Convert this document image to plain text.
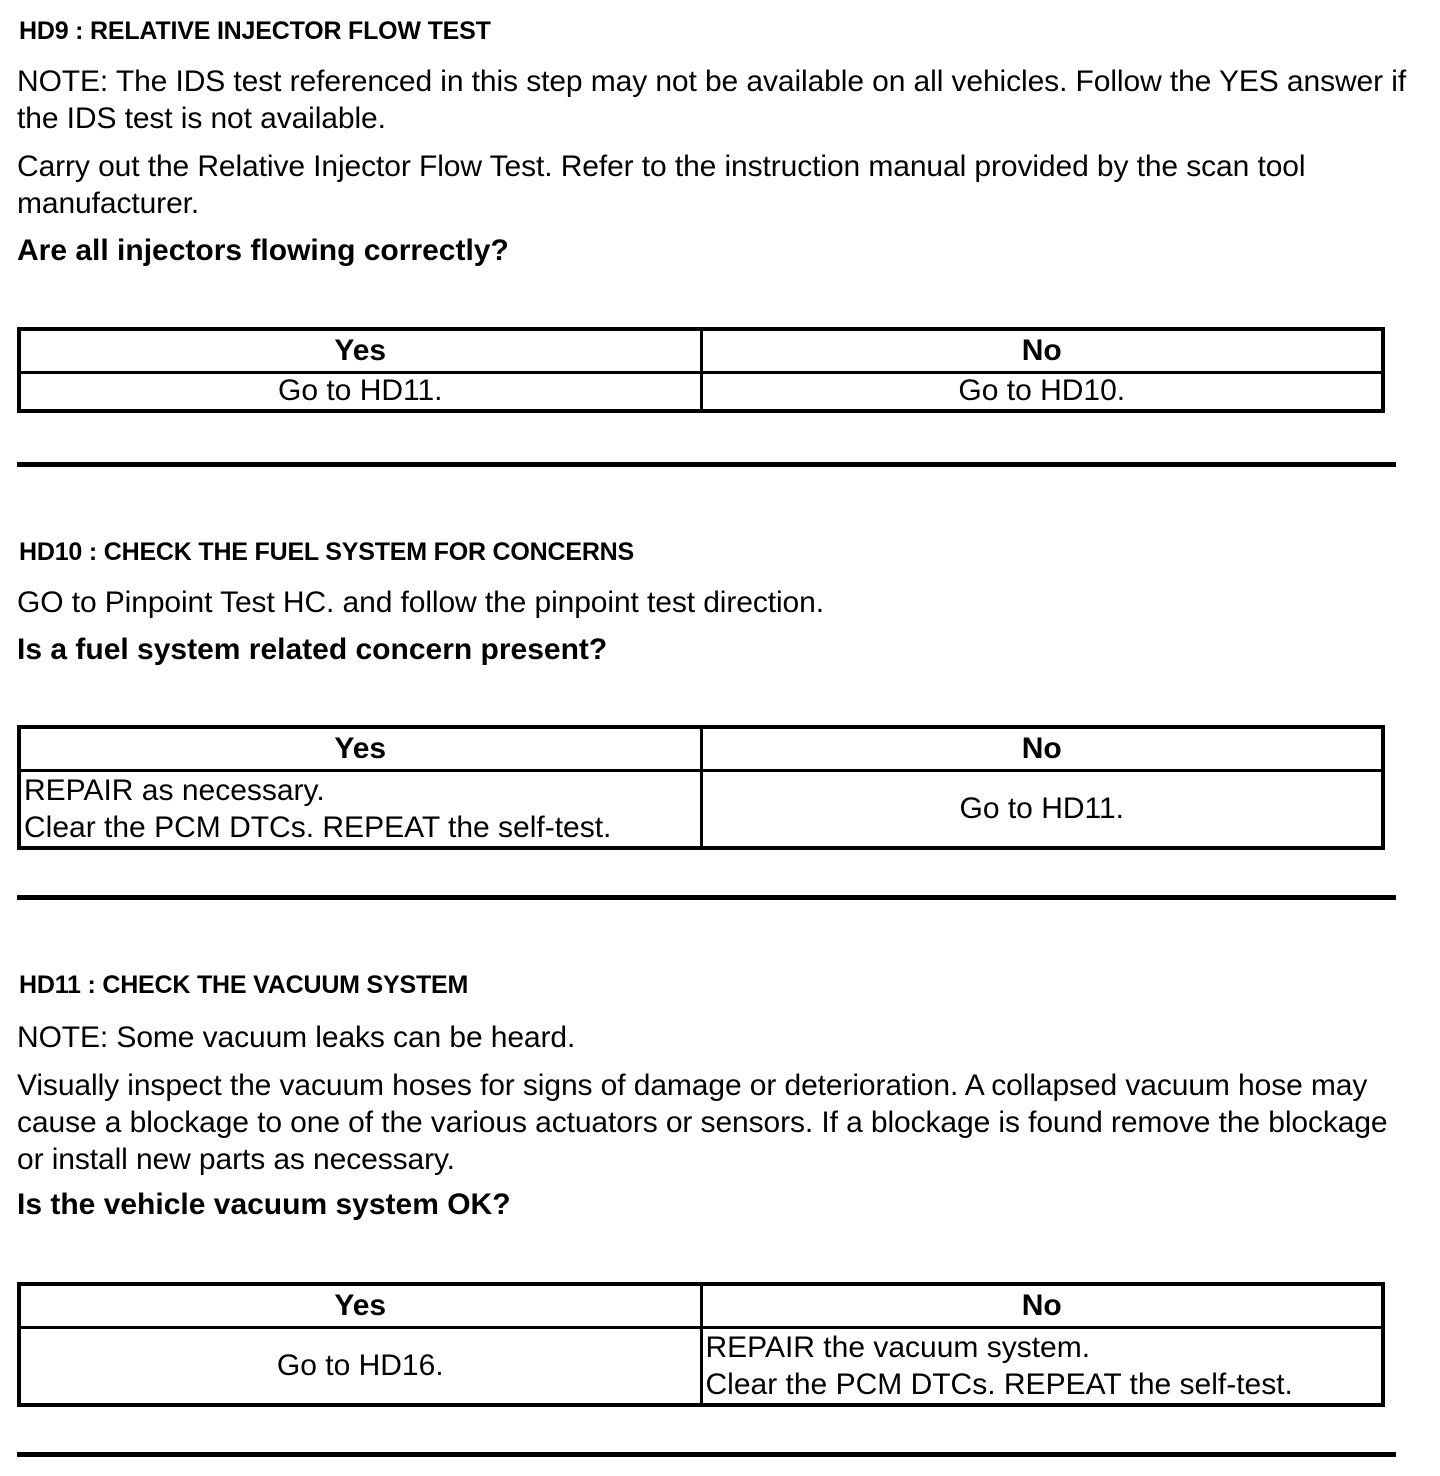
HD9 : RELATIVE INJECTOR FLOW TEST
NOTE: The IDS test referenced in this step may not be available on all vehicles. Follow the YES answer if the IDS test is not available.
Carry out the Relative Injector Flow Test. Refer to the instruction manual provided by the scan tool manufacturer.
Are all injectors flowing correctly?
Yes	No
Go to HD11.	Go to HD10.
HD10 : CHECK THE FUEL SYSTEM FOR CONCERNS
GO to Pinpoint Test HC. and follow the pinpoint test direction.
Is a fuel system related concern present?
Yes	No

REPAIR as necessary.
Clear the PCM DTCs. REPEAT the self-test.	Go to HD11.
HD11 : CHECK THE VACUUM SYSTEM
NOTE: Some vacuum leaks can be heard.
Visually inspect the vacuum hoses for signs of damage or deterioration. A collapsed vacuum hose may cause a blockage to one of the various actuators or sensors. If a blockage is found remove the blockage or install new parts as necessary.
Is the vehicle vacuum system OK?
Yes	No
Go to HD16.	REPAIR the vacuum system.
Clear the PCM DTCs. REPEAT the self-test.
